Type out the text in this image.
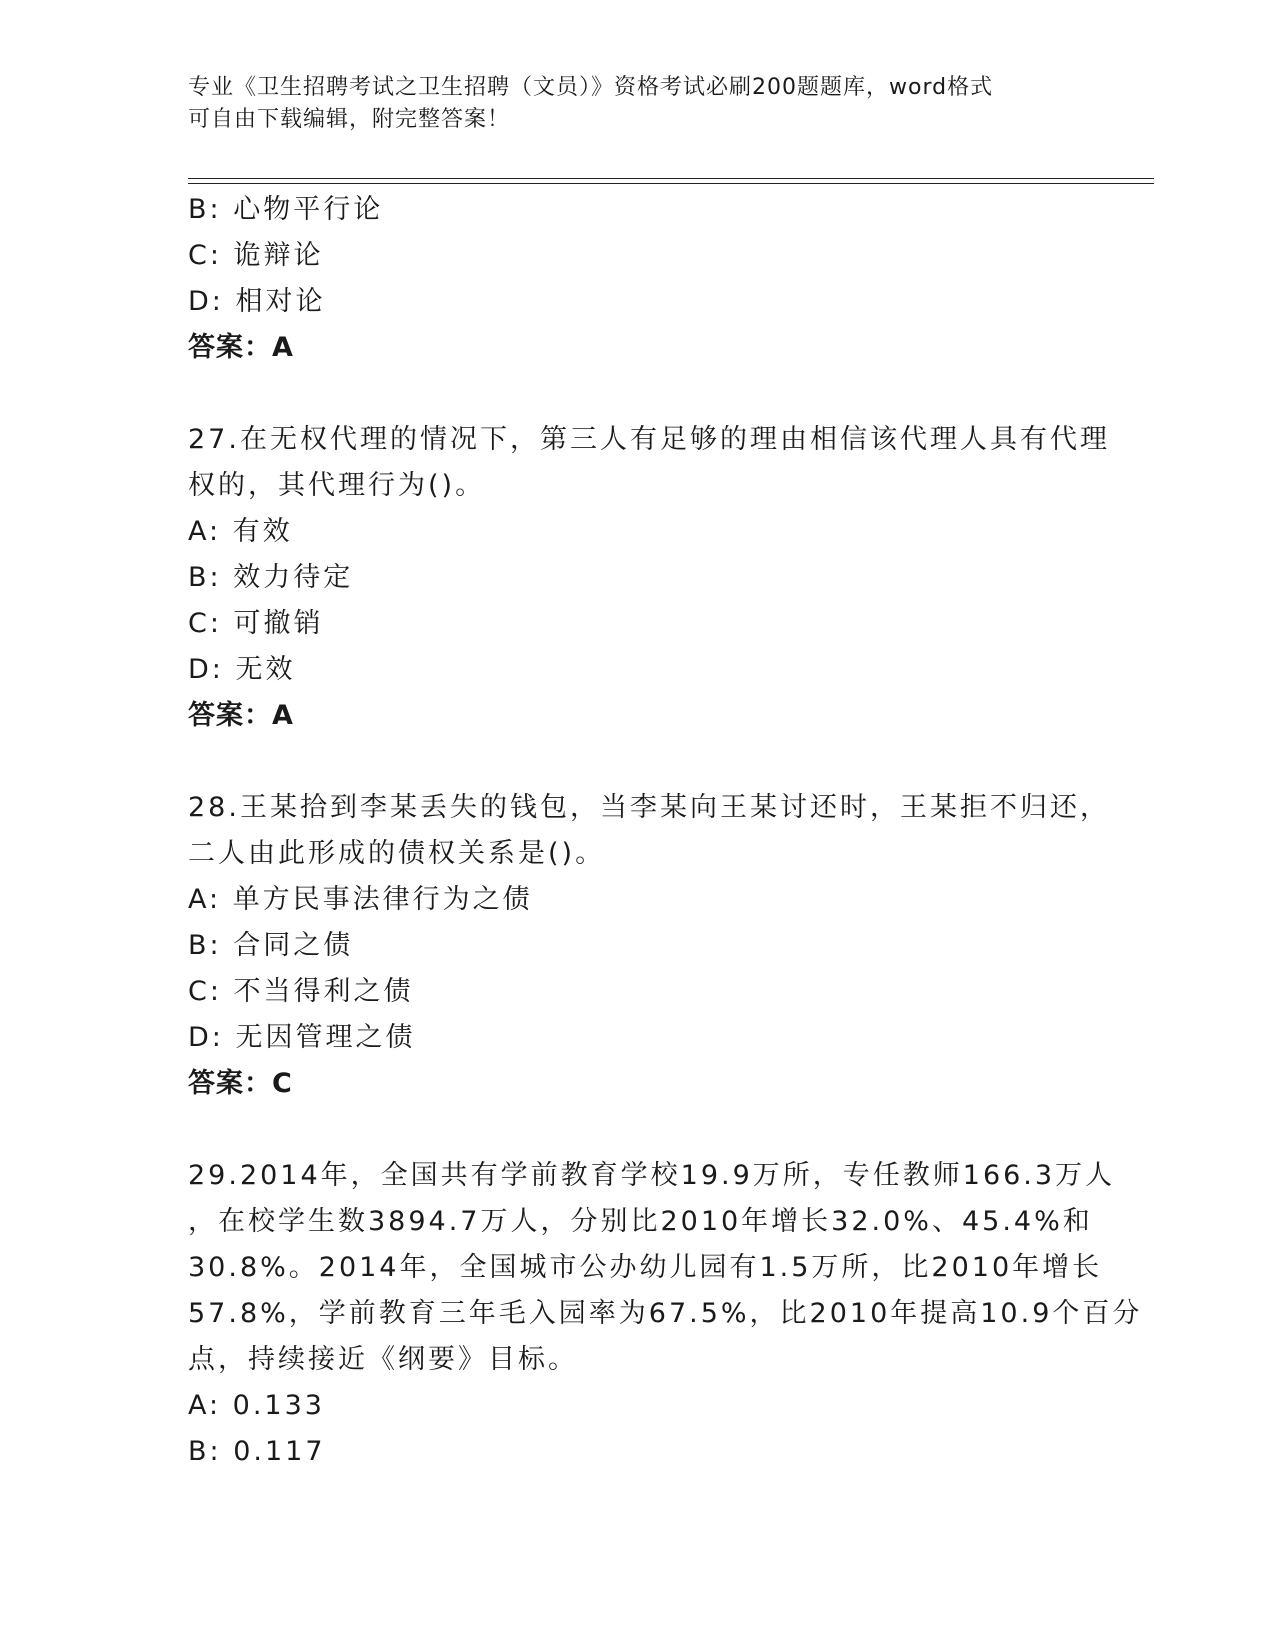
专业《卫生招聘考试之卫生招聘（文员）》资格考试必刷200题题库，word格式
可自由下载编辑，附完整答案！
B: 心物平行论
C: 诡辩论
D: 相对论
答案：A
27.在无权代理的情况下，第三人有足够的理由相信该代理人具有代理
权的，其代理行为()。
A: 有效
B: 效力待定
C: 可撤销
D: 无效
答案：A
28.王某拾到李某丢失的钱包，当李某向王某讨还时，王某拒不归还，
二人由此形成的债权关系是()。
A: 单方民事法律行为之债
B: 合同之债
C: 不当得利之债
D: 无因管理之债
答案：C
29.2014年，全国共有学前教育学校19.9万所，专任教师166.3万人
，在校学生数3894.7万人，分别比2010年增长32.0%、45.4%和
30.8%。2014年，全国城市公办幼儿园有1.5万所，比2010年增长
57.8%，学前教育三年毛入园率为67.5%，比2010年提高10.9个百分
点，持续接近《纲要》目标。
A: 0.133
B: 0.117
